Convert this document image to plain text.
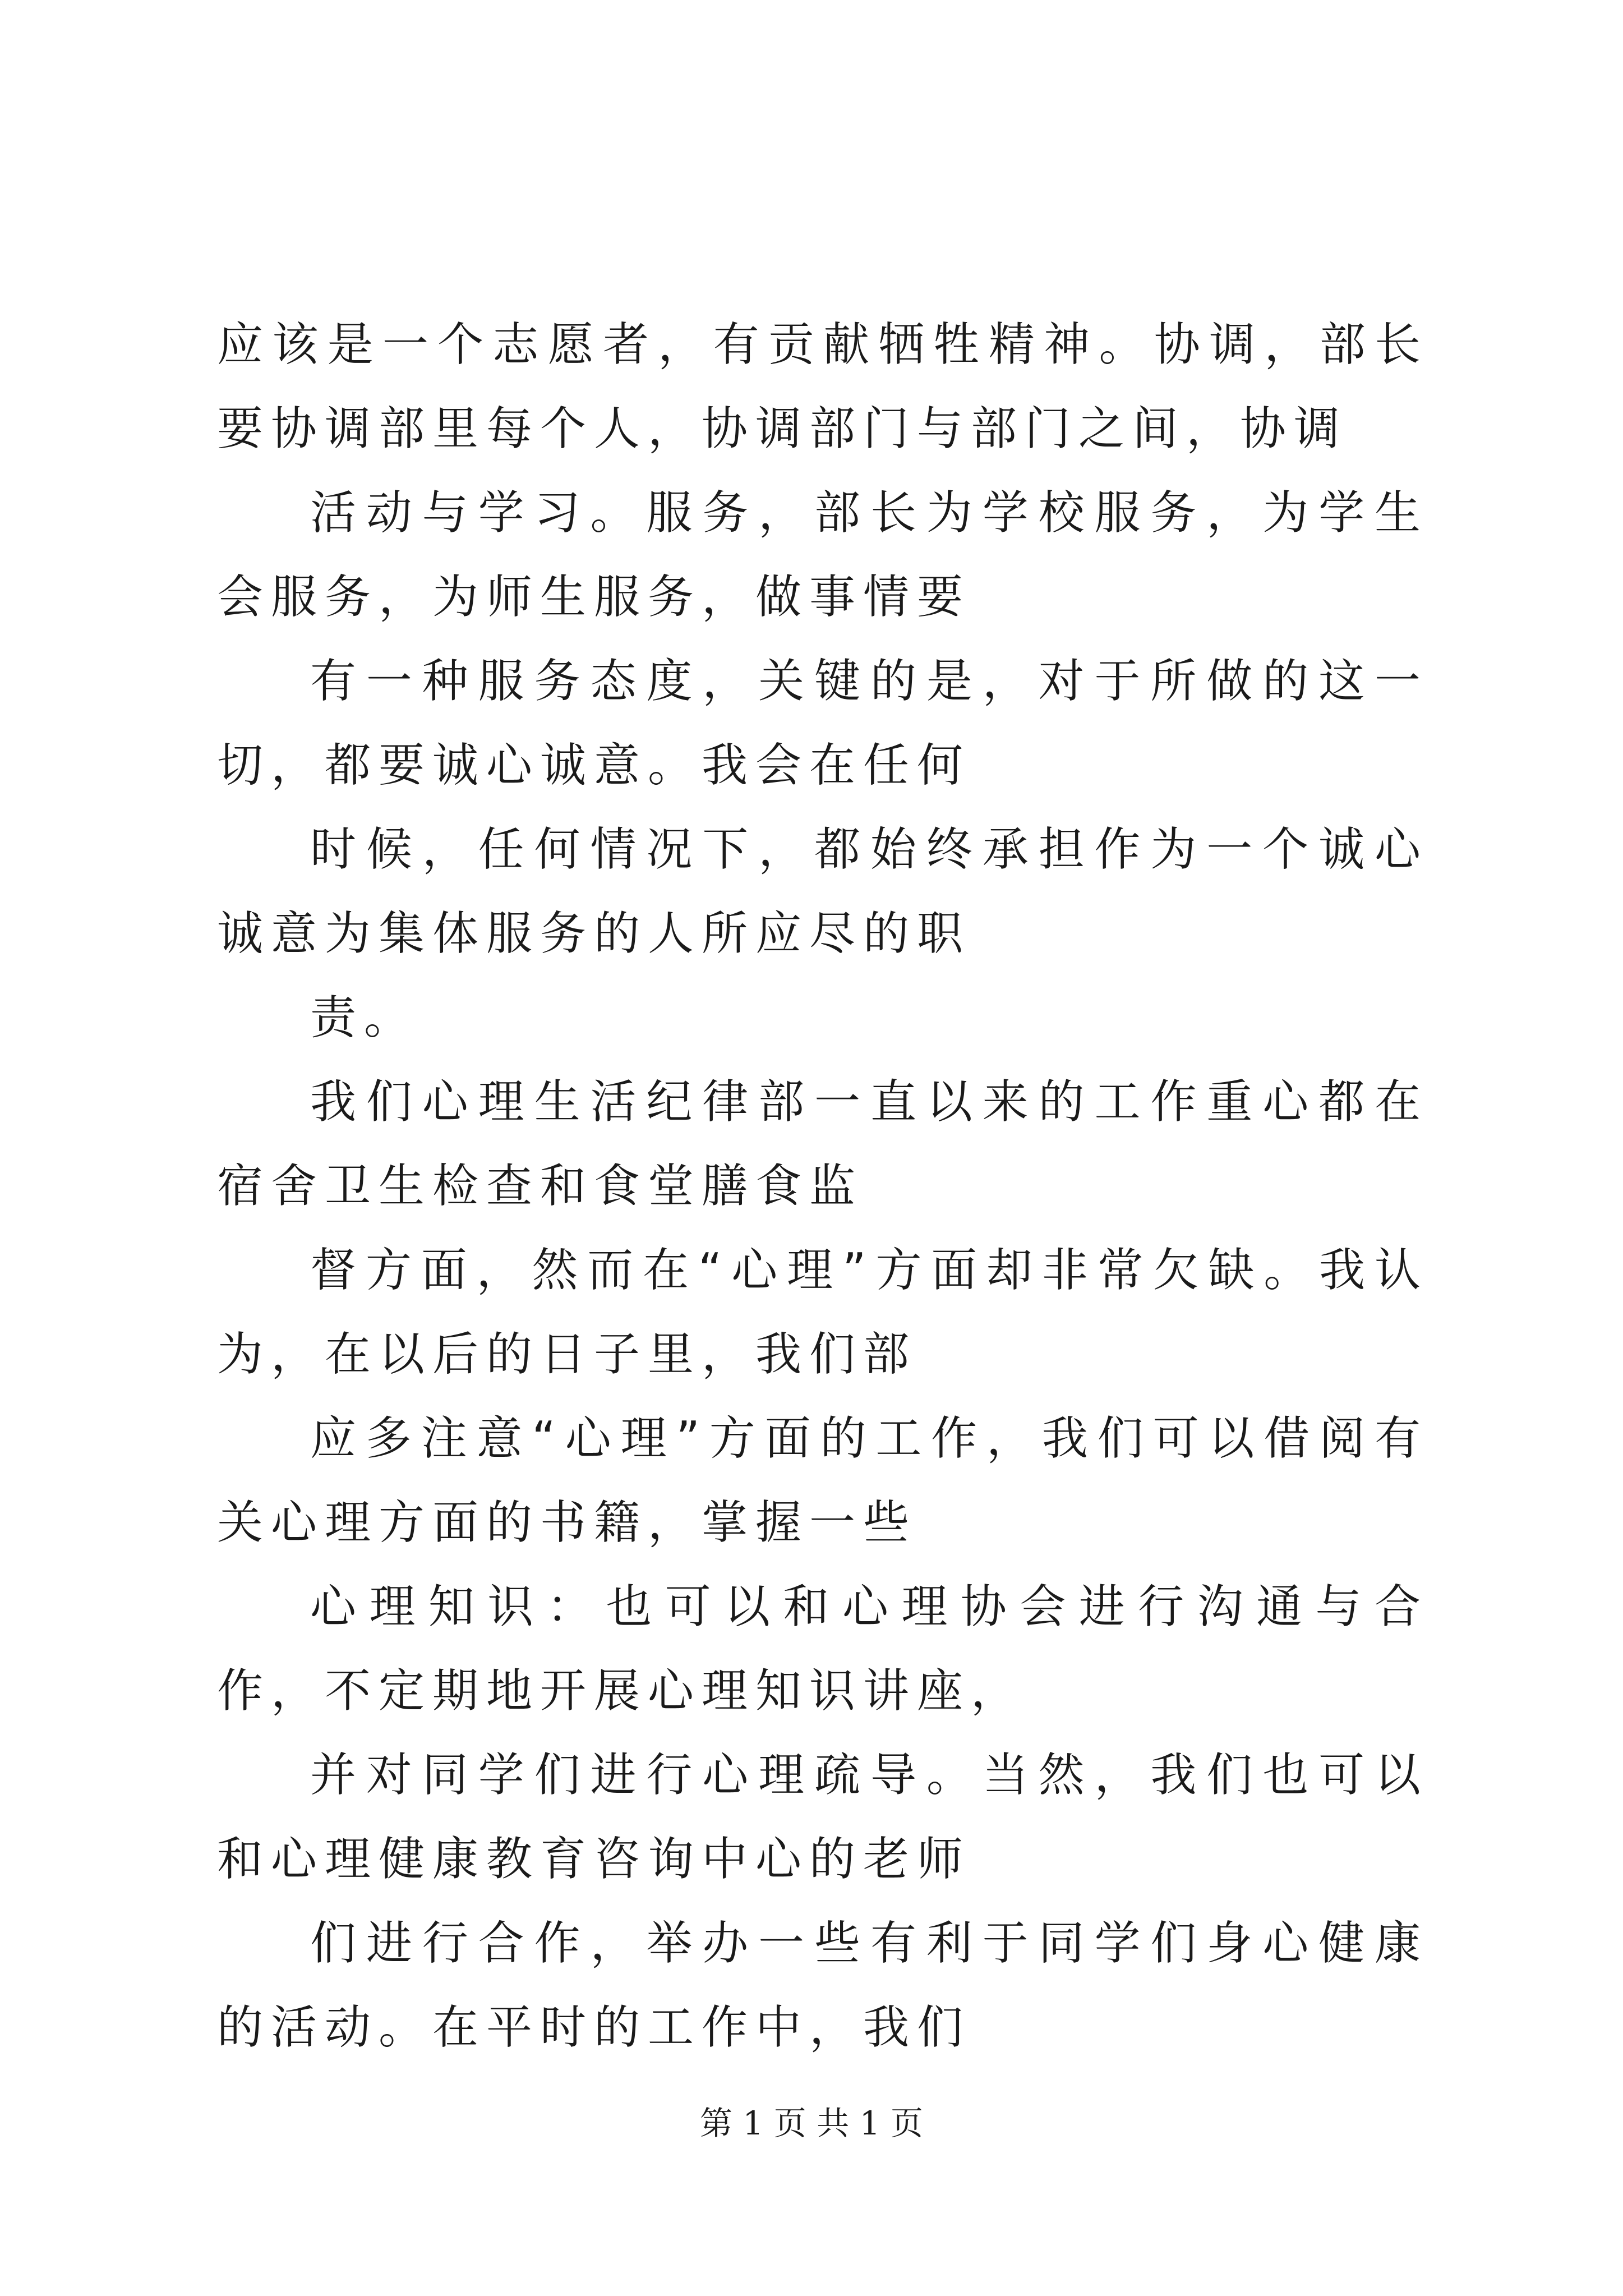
应该是一个志愿者，有贡献牺牲精神。协调，部长要协调部里每个人，协调部门与部门之间，协调

活动与学习。服务，部长为学校服务，为学生会服务，为师生服务，做事情要

有一种服务态度，关键的是，对于所做的这一切，都要诚心诚意。我会在任何

时候，任何情况下，都始终承担作为一个诚心诚意为集体服务的人所应尽的职

责。

我们心理生活纪律部一直以来的工作重心都在宿舍卫生检查和食堂膳食监

督方面，然而在“心理”方面却非常欠缺。我认为，在以后的日子里，我们部

应多注意“心理”方面的工作，我们可以借阅有关心理方面的书籍，掌握一些

心理知识：也可以和心理协会进行沟通与合作，不定期地开展心理知识讲座，

并对同学们进行心理疏导。当然，我们也可以和心理健康教育咨询中心的老师

们进行合作，举办一些有利于同学们身心健康的活动。在平时的工作中，我们

第 1 页 共 1 页
